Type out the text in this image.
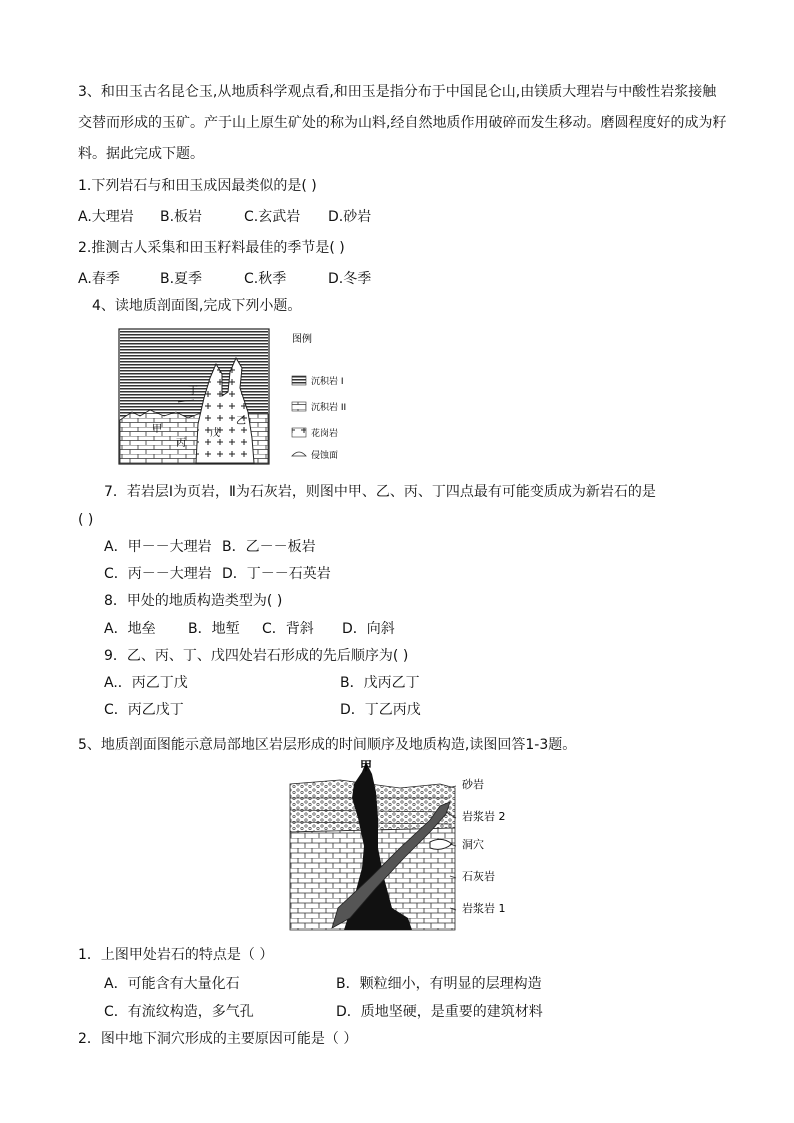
3、和田玉古名昆仑玉,从地质科学观点看,和田玉是指分布于中国昆仑山,由镁质大理岩与中酸性岩浆接触
交替而形成的玉矿。产于山上原生矿处的称为山料,经自然地质作用破碎而发生移动。磨圆程度好的成为籽
料。据此完成下题。
1.下列岩石与和田玉成因最类似的是( )
A.大理岩 B.板岩	C.玄武岩 D.砂岩
2.推测古人采集和田玉籽料最佳的季节是( )
A.春季	B.夏季	C.秋季	D.冬季
4、读地质剖面图,完成下列小题。
丁
甲
乙
丙
戊
图例
沉积岩 I
沉积岩 II
花岗岩
侵蚀面
7．若岩层Ⅰ为页岩，Ⅱ为石灰岩，则图中甲、乙、丙、丁四点最有可能变质成为新岩石的是
( )
A．甲－－大理岩 B．乙－－板岩
C．丙－－大理岩 D．丁－－石英岩
8．甲处的地质构造类型为( )
A．地垒 B．地堑 C．背斜 D．向斜
9．乙、丙、丁、戊四处岩石形成的先后顺序为( )
A.．丙乙丁戊	B．戊丙乙丁
C．丙乙戊丁	D．丁乙丙戊
5、地质剖面图能示意局部地区岩层形成的时间顺序及地质构造,读图回答1-3题。
甲
砂岩
岩浆岩 2
洞穴
石灰岩
岩浆岩 1
1．上图甲处岩石的特点是（ ）
A．可能含有大量化石	B．颗粒细小，有明显的层理构造
C．有流纹构造，多气孔	D．质地坚硬，是重要的建筑材料
2．图中地下洞穴形成的主要原因可能是（ ）
